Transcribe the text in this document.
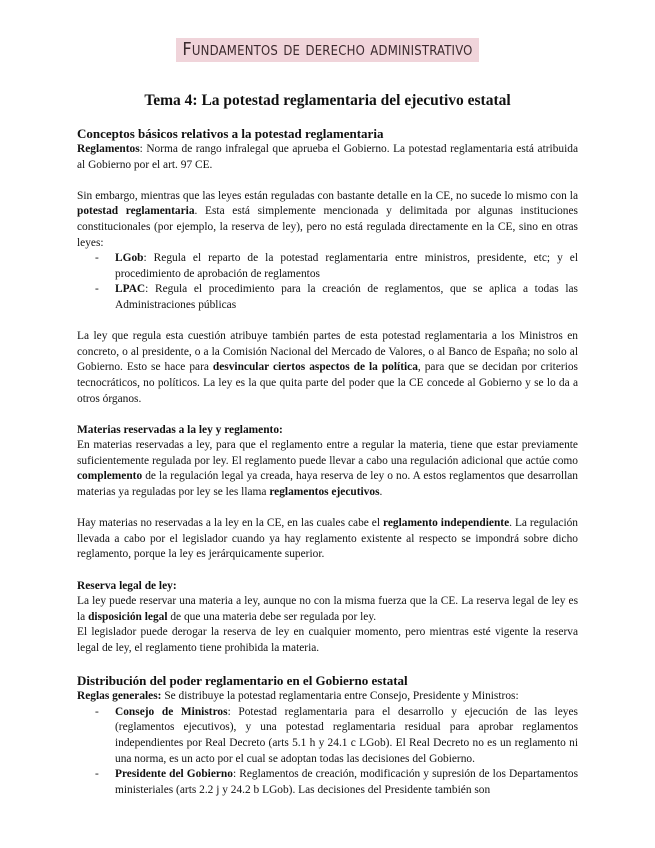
Fundamentos de derecho administrativo
Tema 4: La potestad reglamentaria del ejecutivo estatal

Conceptos básicos relativos a la potestad reglamentaria

Reglamentos: Norma de rango infralegal que aprueba el Gobierno. La potestad reglamentaria está atribuida al Gobierno por el art. 97 CE.

Sin embargo, mientras que las leyes están reguladas con bastante detalle en la CE, no sucede lo mismo con la potestad reglamentaria. Esta está simplemente mencionada y delimitada por algunas instituciones constitucionales (por ejemplo, la reserva de ley), pero no está regulada directamente en la CE, sino en otras leyes:

- LGob: Regula el reparto de la potestad reglamentaria entre ministros, presidente, etc; y el procedimiento de aprobación de reglamentos
- LPAC: Regula el procedimiento para la creación de reglamentos, que se aplica a todas las Administraciones públicas

La ley que regula esta cuestión atribuye también partes de esta potestad reglamentaria a los Ministros en concreto, o al presidente, o a la Comisión Nacional del Mercado de Valores, o al Banco de España; no solo al Gobierno. Esto se hace para desvincular ciertos aspectos de la política, para que se decidan por criterios tecnocráticos, no políticos. La ley es la que quita parte del poder que la CE concede al Gobierno y se lo da a otros órganos.

Materias reservadas a la ley y reglamento:

En materias reservadas a ley, para que el reglamento entre a regular la materia, tiene que estar previamente suficientemente regulada por ley. El reglamento puede llevar a cabo una regulación adicional que actúe como complemento de la regulación legal ya creada, haya reserva de ley o no. A estos reglamentos que desarrollan materias ya reguladas por ley se les llama reglamentos ejecutivos.

Hay materias no reservadas a la ley en la CE, en las cuales cabe el reglamento independiente. La regulación llevada a cabo por el legislador cuando ya hay reglamento existente al respecto se impondrá sobre dicho reglamento, porque la ley es jerárquicamente superior.

Reserva legal de ley:

La ley puede reservar una materia a ley, aunque no con la misma fuerza que la CE. La reserva legal de ley es la disposición legal de que una materia debe ser regulada por ley.

El legislador puede derogar la reserva de ley en cualquier momento, pero mientras esté vigente la reserva legal de ley, el reglamento tiene prohibida la materia.

Distribución del poder reglamentario en el Gobierno estatal

Reglas generales: Se distribuye la potestad reglamentaria entre Consejo, Presidente y Ministros:

- Consejo de Ministros: Potestad reglamentaria para el desarrollo y ejecución de las leyes (reglamentos ejecutivos), y una potestad reglamentaria residual para aprobar reglamentos independientes por Real Decreto (arts 5.1 h y 24.1 c LGob). El Real Decreto no es un reglamento ni una norma, es un acto por el cual se adoptan todas las decisiones del Gobierno.
- Presidente del Gobierno: Reglamentos de creación, modificación y supresión de los Departamentos ministeriales (arts 2.2 j y 24.2 b LGob). Las decisiones del Presidente también son
